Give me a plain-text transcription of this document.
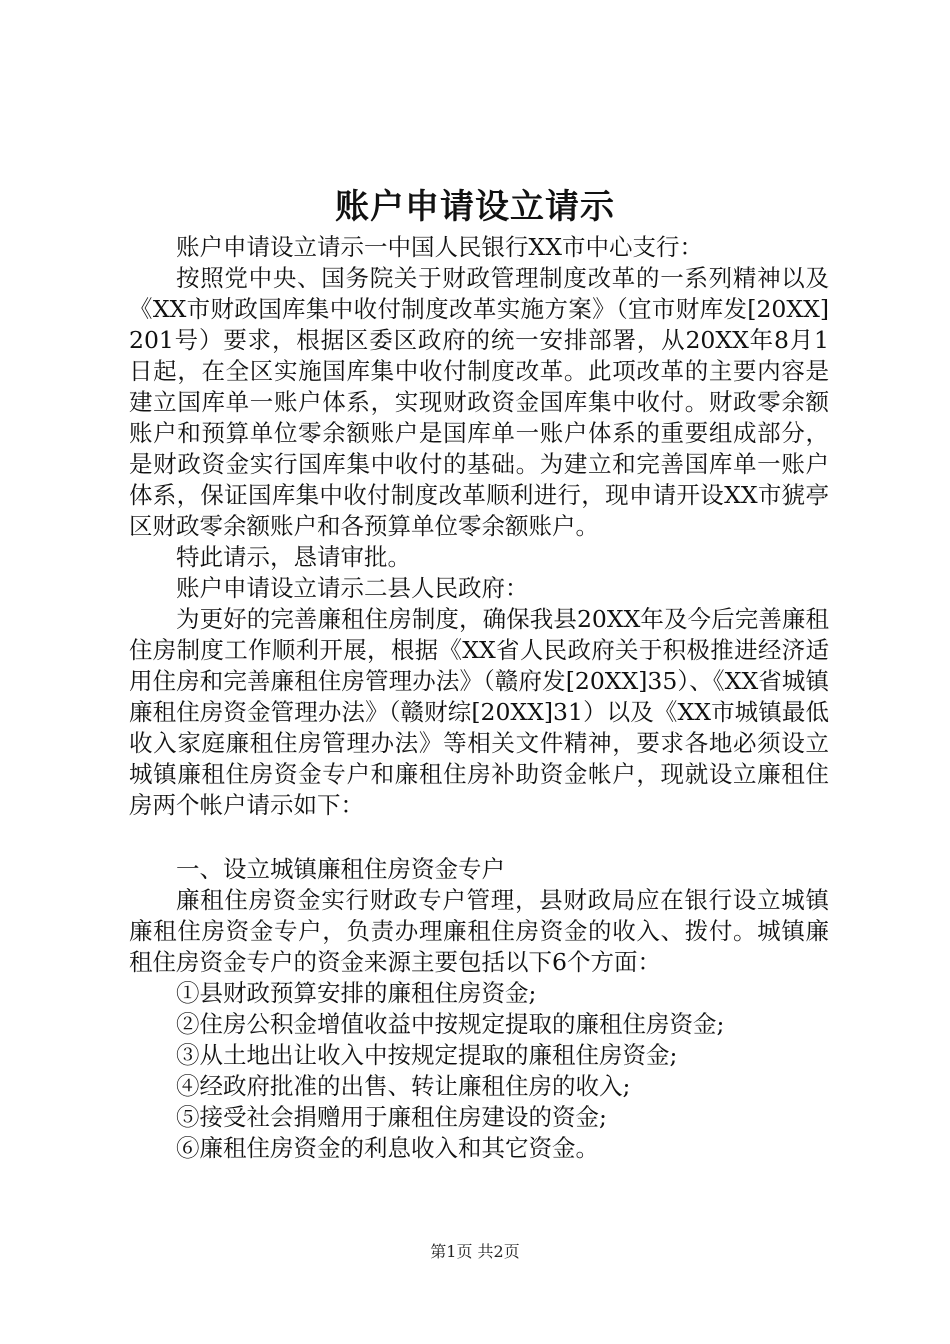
账户申请设立请示

账户申请设立请示一中国人民银行XX市中心支行：

按照党中央、国务院关于财政管理制度改革的一系列精神以及《XX市财政国库集中收付制度改革实施方案》（宜市财库发[20XX]201号）要求，根据区委区政府的统一安排部署，从20XX年8月1日起，在全区实施国库集中收付制度改革。此项改革的主要内容是建立国库单一账户体系，实现财政资金国库集中收付。财政零余额账户和预算单位零余额账户是国库单一账户体系的重要组成部分，是财政资金实行国库集中收付的基础。为建立和完善国库单一账户体系，保证国库集中收付制度改革顺利进行，现申请开设XX市猇亭区财政零余额账户和各预算单位零余额账户。

特此请示，恳请审批。

账户申请设立请示二县人民政府：

为更好的完善廉租住房制度，确保我县20XX年及今后完善廉租住房制度工作顺利开展，根据《XX省人民政府关于积极推进经济适用住房和完善廉租住房管理办法》（赣府发[20XX]35）、《XX省城镇廉租住房资金管理办法》（赣财综[20XX]31）以及《XX市城镇最低收入家庭廉租住房管理办法》等相关文件精神，要求各地必须设立城镇廉租住房资金专户和廉租住房补助资金帐户，现就设立廉租住房两个帐户请示如下：

一、设立城镇廉租住房资金专户

廉租住房资金实行财政专户管理，县财政局应在银行设立城镇廉租住房资金专户，负责办理廉租住房资金的收入、拨付。城镇廉租住房资金专户的资金来源主要包括以下6个方面：

①县财政预算安排的廉租住房资金;

②住房公积金增值收益中按规定提取的廉租住房资金;

③从土地出让收入中按规定提取的廉租住房资金;

④经政府批准的出售、转让廉租住房的收入;

⑤接受社会捐赠用于廉租住房建设的资金;

⑥廉租住房资金的利息收入和其它资金。

第1页 共2页
